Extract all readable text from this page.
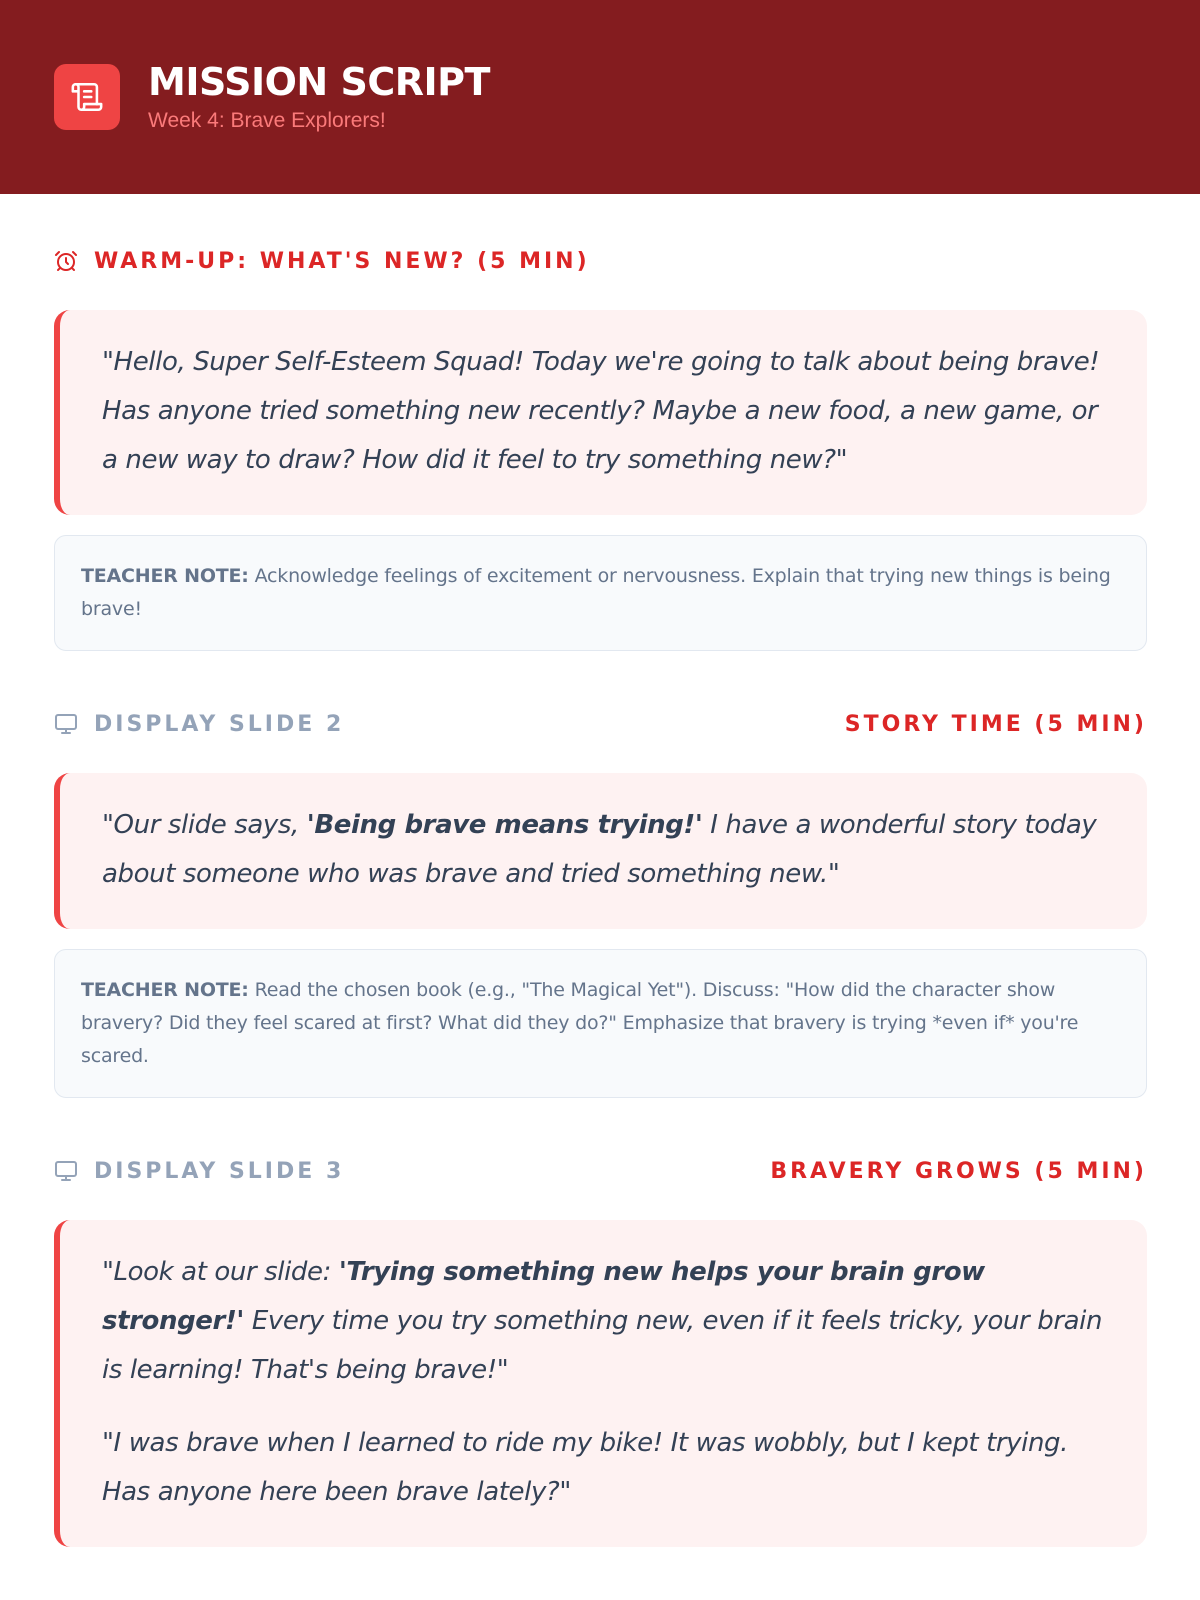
MISSION SCRIPT
Week 4: Brave Explorers!
WARM-UP: WHAT'S NEW? (5 MIN)

"Hello, Super Self-Esteem Squad! Today we're going to talk about being brave! Has anyone tried something new recently? Maybe a new food, a new game, or a new way to draw? How did it feel to try something new?"

TEACHER NOTE: Acknowledge feelings of excitement or nervousness. Explain that trying new things is being brave!
DISPLAY SLIDE 2	STORY TIME (5 MIN)

"Our slide says, 'Being brave means trying!' I have a wonderful story today about someone who was brave and tried something new."

TEACHER NOTE: Read the chosen book (e.g., "The Magical Yet"). Discuss: "How did the character show bravery? Did they feel scared at first? What did they do?" Emphasize that bravery is trying *even if* you're scared.
DISPLAY SLIDE 3	BRAVERY GROWS (5 MIN)

"Look at our slide: 'Trying something new helps your brain grow stronger!' Every time you try something new, even if it feels tricky, your brain is learning! That's being brave!"

"I was brave when I learned to ride my bike! It was wobbly, but I kept trying. Has anyone here been brave lately?"
